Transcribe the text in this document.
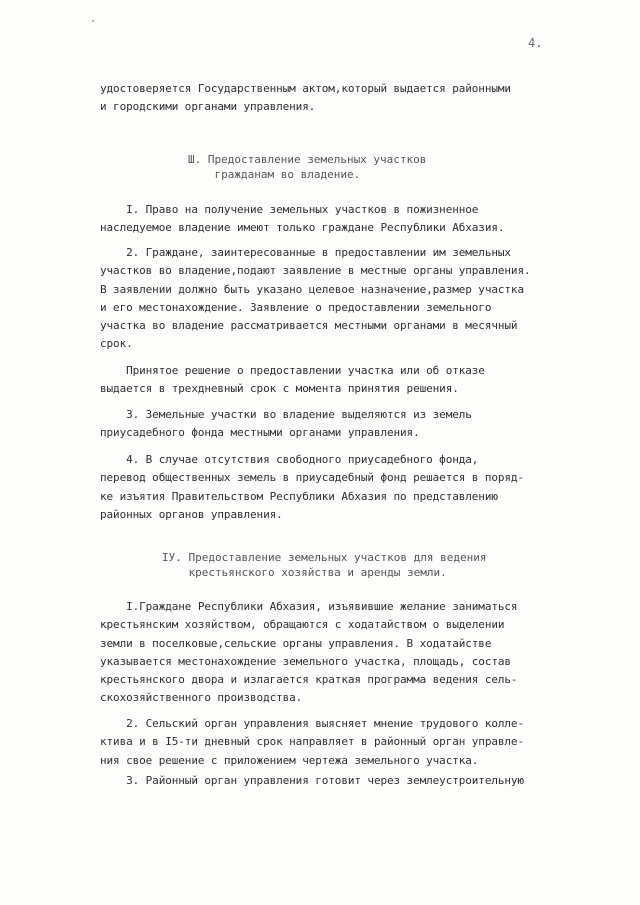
4.

удостоверяется Государственным актом,который выдается районными
и городскими органами управления.

Ш. Предоставление земельных участков
гражданам во владение.

I. Право на получение земельных участков в пожизненное
наследуемое владение имеют только граждане Республики Абхазия.

2. Граждане, заинтересованные в предоставлении им земельных
участков во владение,подают заявление в местные органы управления.
В заявлении должно быть указано целевое назначение,размер участка
и его местонахождение. Заявление о предоставлении земельного
участка во владение рассматривается местными органами в месячный
срок.

Принятое решение о предоставлении участка или об отказе
выдается в трехдневный срок с момента принятия решения.

3. Земельные участки во владение выделяются из земель
приусадебного фонда местными органами управления.

4. В случае отсутствия свободного приусадебного фонда,
перевод общественных земель в приусадебный фонд решается в поряд-
ке изъятия Правительством Республики Абхазия по представлению
районных органов управления.

IУ. Предоставление земельных участков для ведения
крестьянского хозяйства и аренды земли.

I.Граждане Республики Абхазия, изъявившие желание заниматься
крестьянским хозяйством, обращаются с ходатайством о выделении
земли в поселковые,сельские органы управления. В ходатайстве
указывается местонахождение земельного участка, площадь, состав
крестьянского двора и излагается краткая программа ведения сель-
скохозяйственного производства.

2. Сельский орган управления выясняет мнение трудового колле-
ктива и в I5-ти дневный срок направляет в районный орган управле-
ния свое решение с приложением чертежа земельного участка.

3. Районный орган управления готовит через землеустроительную
